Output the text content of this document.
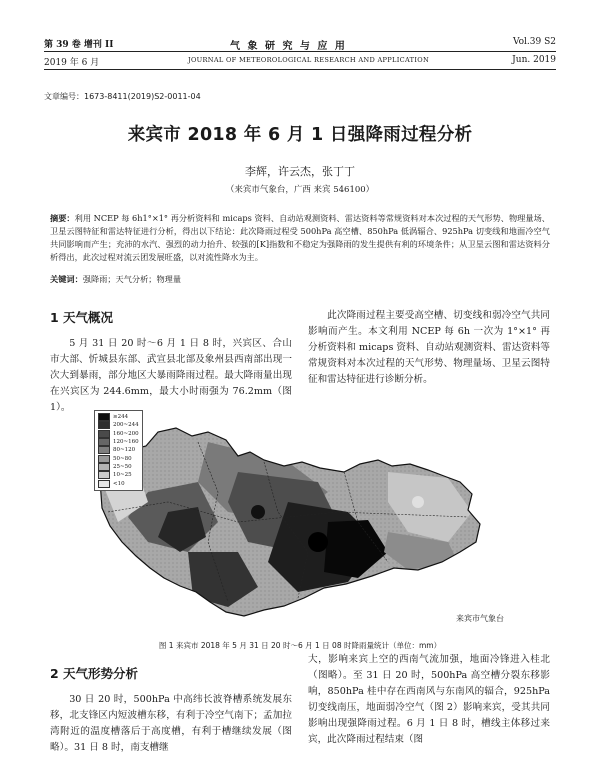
第 39 卷 增刊 II	气 象 研 究 与 应 用	Vol.39 S2
2019 年 6 月	JOURNAL OF METEOROLOGICAL RESEARCH AND APPLICATION	Jun. 2019
文章编号：1673-8411(2019)S2-0011-04
来宾市 2018 年 6 月 1 日强降雨过程分析
李辉，许云杰，张丁丁
（来宾市气象台，广西 来宾 546100）
摘要：利用 NCEP 每 6h1°×1° 再分析资料和 micaps 资料、自动站观测资料、雷达资料等常规资料对本次过程的天气形势、物理量场、卫星云图特征和雷达特征进行分析，得出以下结论：此次降雨过程受 500hPa 高空槽、850hPa 低涡辐合、925hPa 切变线和地面冷空气共同影响而产生；充沛的水汽、强烈的动力抬升、较强的[K]指数和不稳定为强降雨的发生提供有利的环境条件；从卫星云图和雷达资料分析得出，此次过程对流云团发展旺盛，以对流性降水为主。
关键词：强降雨；天气分析；物理量
1 天气概况
5 月 31 日 20 时～6 月 1 日 8 时，兴宾区、合山市大部、忻城县东部、武宣县北部及象州县西南部出现一次大到暴雨，部分地区大暴雨降雨过程。最大降雨量出现在兴宾区为 244.6mm，最大小时雨强为 76.2mm（图 1）。
此次降雨过程主要受高空槽、切变线和弱冷空气共同影响而产生。本文利用 NCEP 每 6h 一次为 1°×1° 再分析资料和 micaps 资料、自动站观测资料、雷达资料等常规资料对本次过程的天气形势、物理量场、卫星云图特征和雷达特征进行诊断分析。
≥244
200~244
160~200
120~160
80~120
50~80
25~50
10~25
<10
来宾市气象台
图 1 来宾市 2018 年 5 月 31 日 20 时～6 月 1 日 08 时降雨量统计（单位：mm）
2 天气形势分析
30 日 20 时，500hPa 中高纬长波脊槽系统发展东移，北支锋区内短波槽东移，有利于冷空气南下；孟加拉湾附近的温度槽落后于高度槽，有利于槽继续发展（图略）。31 日 8 时，南支槽继
大，影响来宾上空的西南气流加强，地面冷锋进入桂北（图略）。至 31 日 20 时，500hPa 高空槽分裂东移影响，850hPa 桂中存在西南风与东南风的辐合，925hPa 切变线南压，地面弱冷空气（图 2）影响来宾，受其共同影响出现强降雨过程。6 月 1 日 8 时，槽线主体移过来宾，此次降雨过程结束（图
